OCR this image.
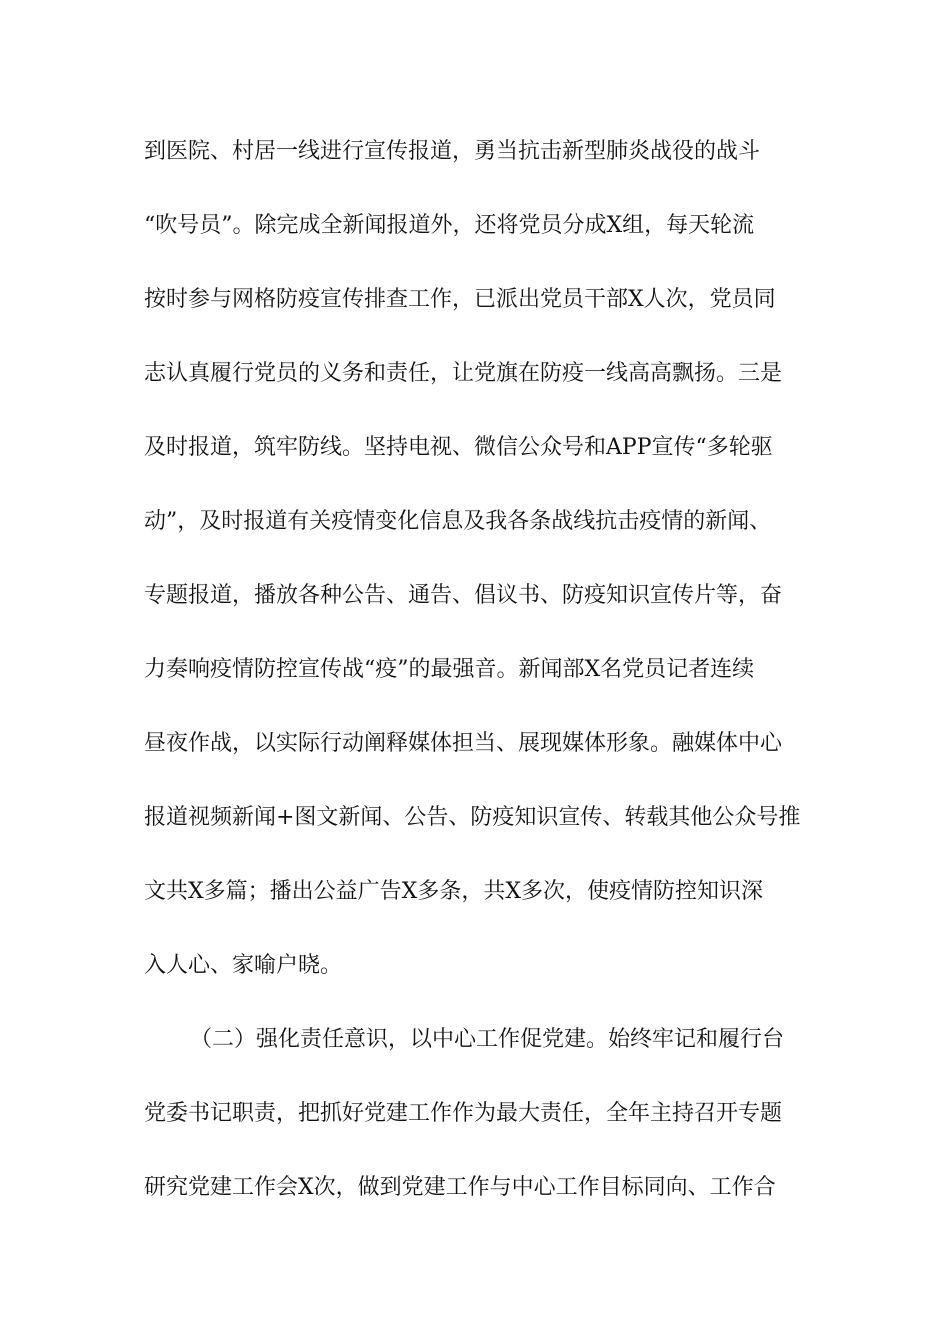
到医院、村居一线进行宣传报道，勇当抗击新型肺炎战役的战斗
“吹号员”。除完成全新闻报道外，还将党员分成X组，每天轮流
按时参与网格防疫宣传排查工作，已派出党员干部X人次，党员同
志认真履行党员的义务和责任，让党旗在防疫一线高高飘扬。三是
及时报道，筑牢防线。坚持电视、微信公众号和APP宣传“多轮驱
动”，及时报道有关疫情变化信息及我各条战线抗击疫情的新闻、
专题报道，播放各种公告、通告、倡议书、防疫知识宣传片等，奋
力奏响疫情防控宣传战“疫”的最强音。新闻部X名党员记者连续
昼夜作战，以实际行动阐释媒体担当、展现媒体形象。融媒体中心
报道视频新闻+图文新闻、公告、防疫知识宣传、转载其他公众号推
文共X多篇；播出公益广告X多条，共X多次，使疫情防控知识深
入人心、家喻户晓。
（二）强化责任意识，以中心工作促党建。始终牢记和履行台
党委书记职责，把抓好党建工作作为最大责任，全年主持召开专题
研究党建工作会X次，做到党建工作与中心工作目标同向、工作合
